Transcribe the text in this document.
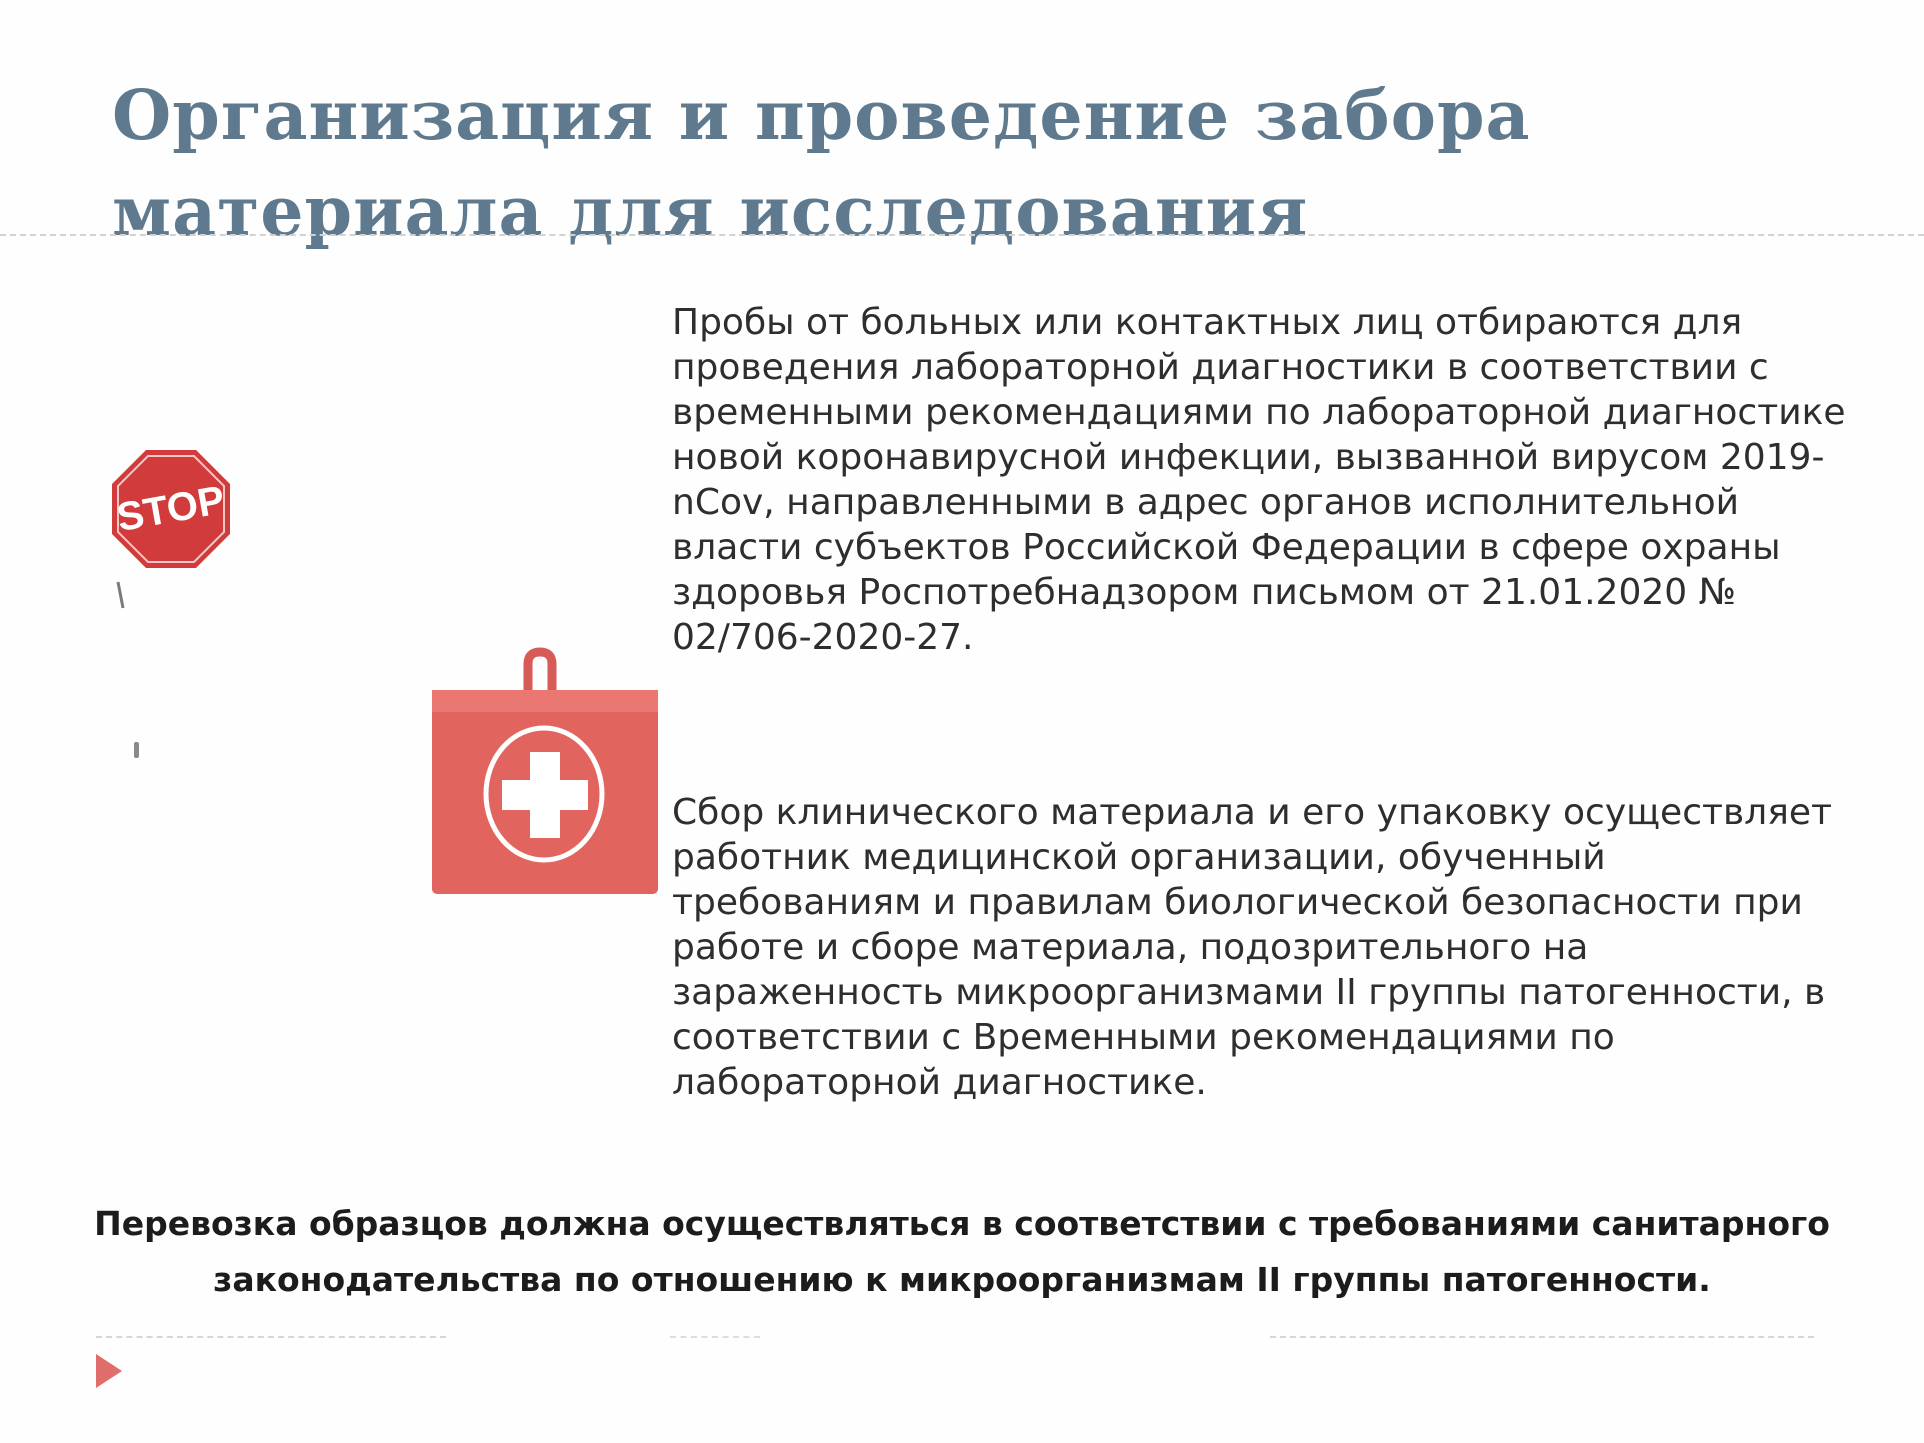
Организация и проведение забора материала для исследования
STOP

Пробы от больных или контактных лиц отбираются для проведения лабораторной диагностики в соответствии с временными рекомендациями по лабораторной диагностике новой коронавирусной инфекции, вызванной вирусом 2019-nCov, направленными в адрес органов исполнительной власти субъектов Российской Федерации в сфере охраны здоровья Роспотребнадзором письмом от 21.01.2020 № 02/706-2020-27.

Сбор клинического материала и его упаковку осуществляет работник медицинской организации, обученный требованиям и правилам биологической безопасности при работе и сборе материала, подозрительного на зараженность микроорганизмами II группы патогенности, в соответствии с Временными рекомендациями по лабораторной диагностике.

Перевозка образцов должна осуществляться в соответствии с требованиями санитарного законодательства по отношению к микроорганизмам II группы патогенности.
